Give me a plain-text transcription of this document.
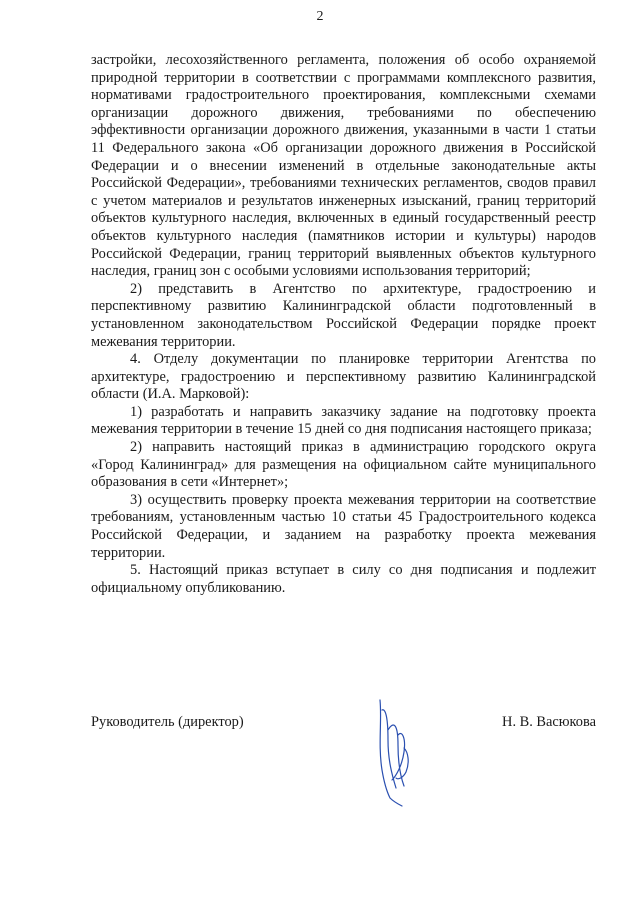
2

застройки, лесохозяйственного регламента, положения об особо охраняемой природной территории в соответствии с программами комплексного развития, нормативами градостроительного проектирования, комплексными схемами организации дорожного движения, требованиями по обеспечению эффективности организации дорожного движения, указанными в части 1 статьи 11 Федерального закона «Об организации дорожного движения в Российской Федерации и о внесении изменений в отдельные законодательные акты Российской Федерации», требованиями технических регламентов, сводов правил с учетом материалов и результатов инженерных изысканий, границ территорий объектов культурного наследия, включенных в единый государственный реестр объектов культурного наследия (памятников истории и культуры) народов Российской Федерации, границ территорий выявленных объектов культурного наследия, границ зон с особыми условиями использования территорий;

2) представить в Агентство по архитектуре, градостроению и перспективному развитию Калининградской области подготовленный в установленном законодательством Российской Федерации порядке проект межевания территории.

4. Отделу документации по планировке территории Агентства по архитектуре, градостроению и перспективному развитию Калининградской области (И.А. Марковой):

1) разработать и направить заказчику задание на подготовку проекта межевания территории в течение 15 дней со дня подписания настоящего приказа;

2) направить настоящий приказ в администрацию городского округа «Город Калининград» для размещения на официальном сайте муниципального образования в сети «Интернет»;

3) осуществить проверку проекта межевания территории на соответствие требованиям, установленным частью 10 статьи 45 Градостроительного кодекса Российской Федерации, и заданием на разработку проекта межевания территории.

5. Настоящий приказ вступает в силу со дня подписания и подлежит официальному опубликованию.

Руководитель (директор)	Н. В. Васюкова
